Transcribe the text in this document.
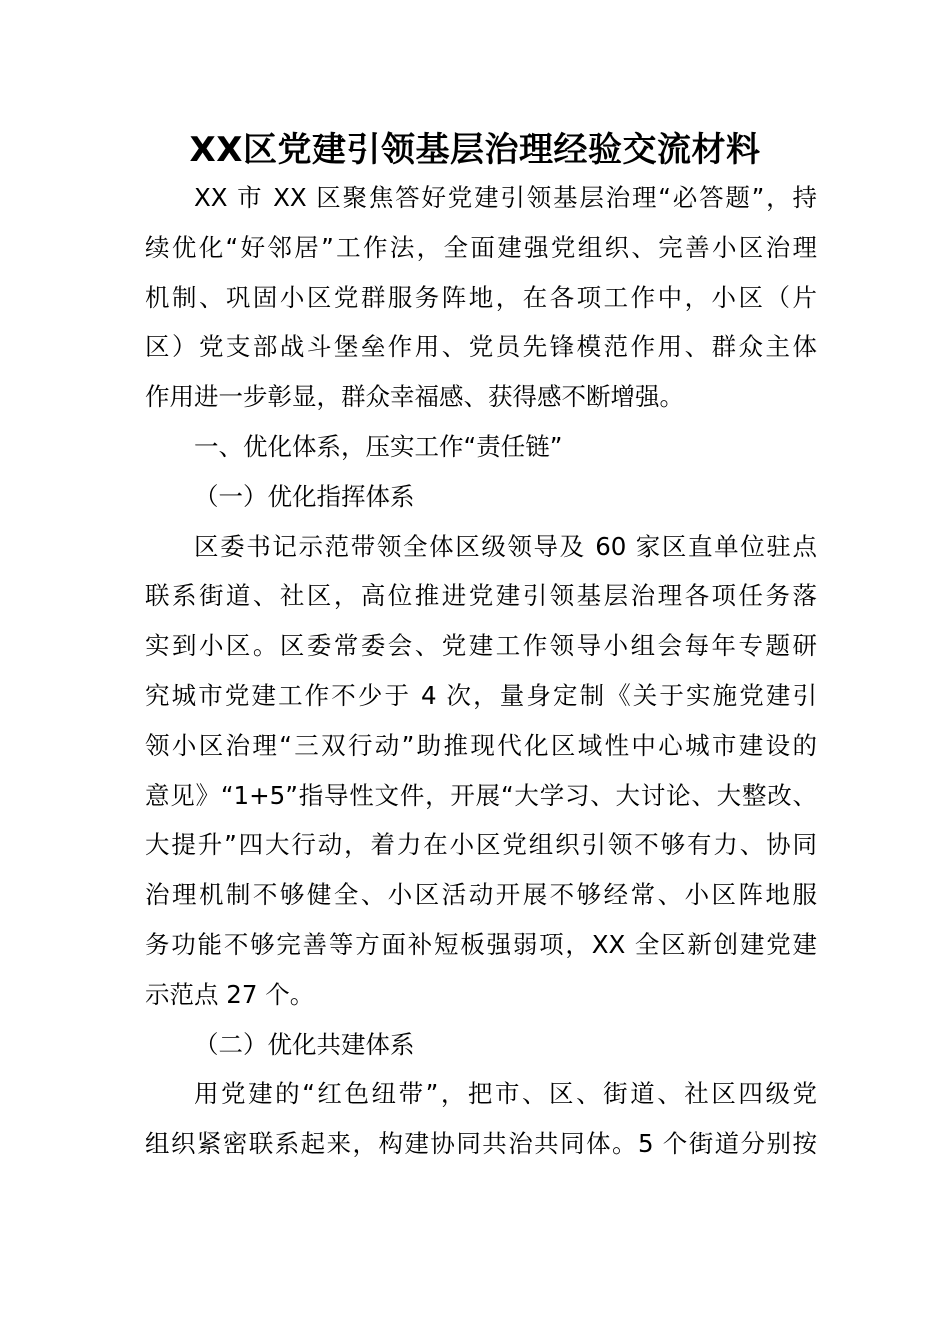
XX区党建引领基层治理经验交流材料
XX 市 XX 区聚焦答好党建引领基层治理“必答题”，持
续优化“好邻居”工作法，全面建强党组织、完善小区治理
机制、巩固小区党群服务阵地，在各项工作中，小区（片
区）党支部战斗堡垒作用、党员先锋模范作用、群众主体
作用进一步彰显，群众幸福感、获得感不断增强。
一、优化体系，压实工作“责任链”
（一）优化指挥体系
区委书记示范带领全体区级领导及 60 家区直单位驻点
联系街道、社区，高位推进党建引领基层治理各项任务落
实到小区。区委常委会、党建工作领导小组会每年专题研
究城市党建工作不少于 4 次，量身定制《关于实施党建引
领小区治理“三双行动”助推现代化区域性中心城市建设的
意见》“1+5”指导性文件，开展“大学习、大讨论、大整改、
大提升”四大行动，着力在小区党组织引领不够有力、协同
治理机制不够健全、小区活动开展不够经常、小区阵地服
务功能不够完善等方面补短板强弱项，XX 全区新创建党建
示范点 27 个。
（二）优化共建体系
用党建的“红色纽带”，把市、区、街道、社区四级党
组织紧密联系起来，构建协同共治共同体。5 个街道分别按
